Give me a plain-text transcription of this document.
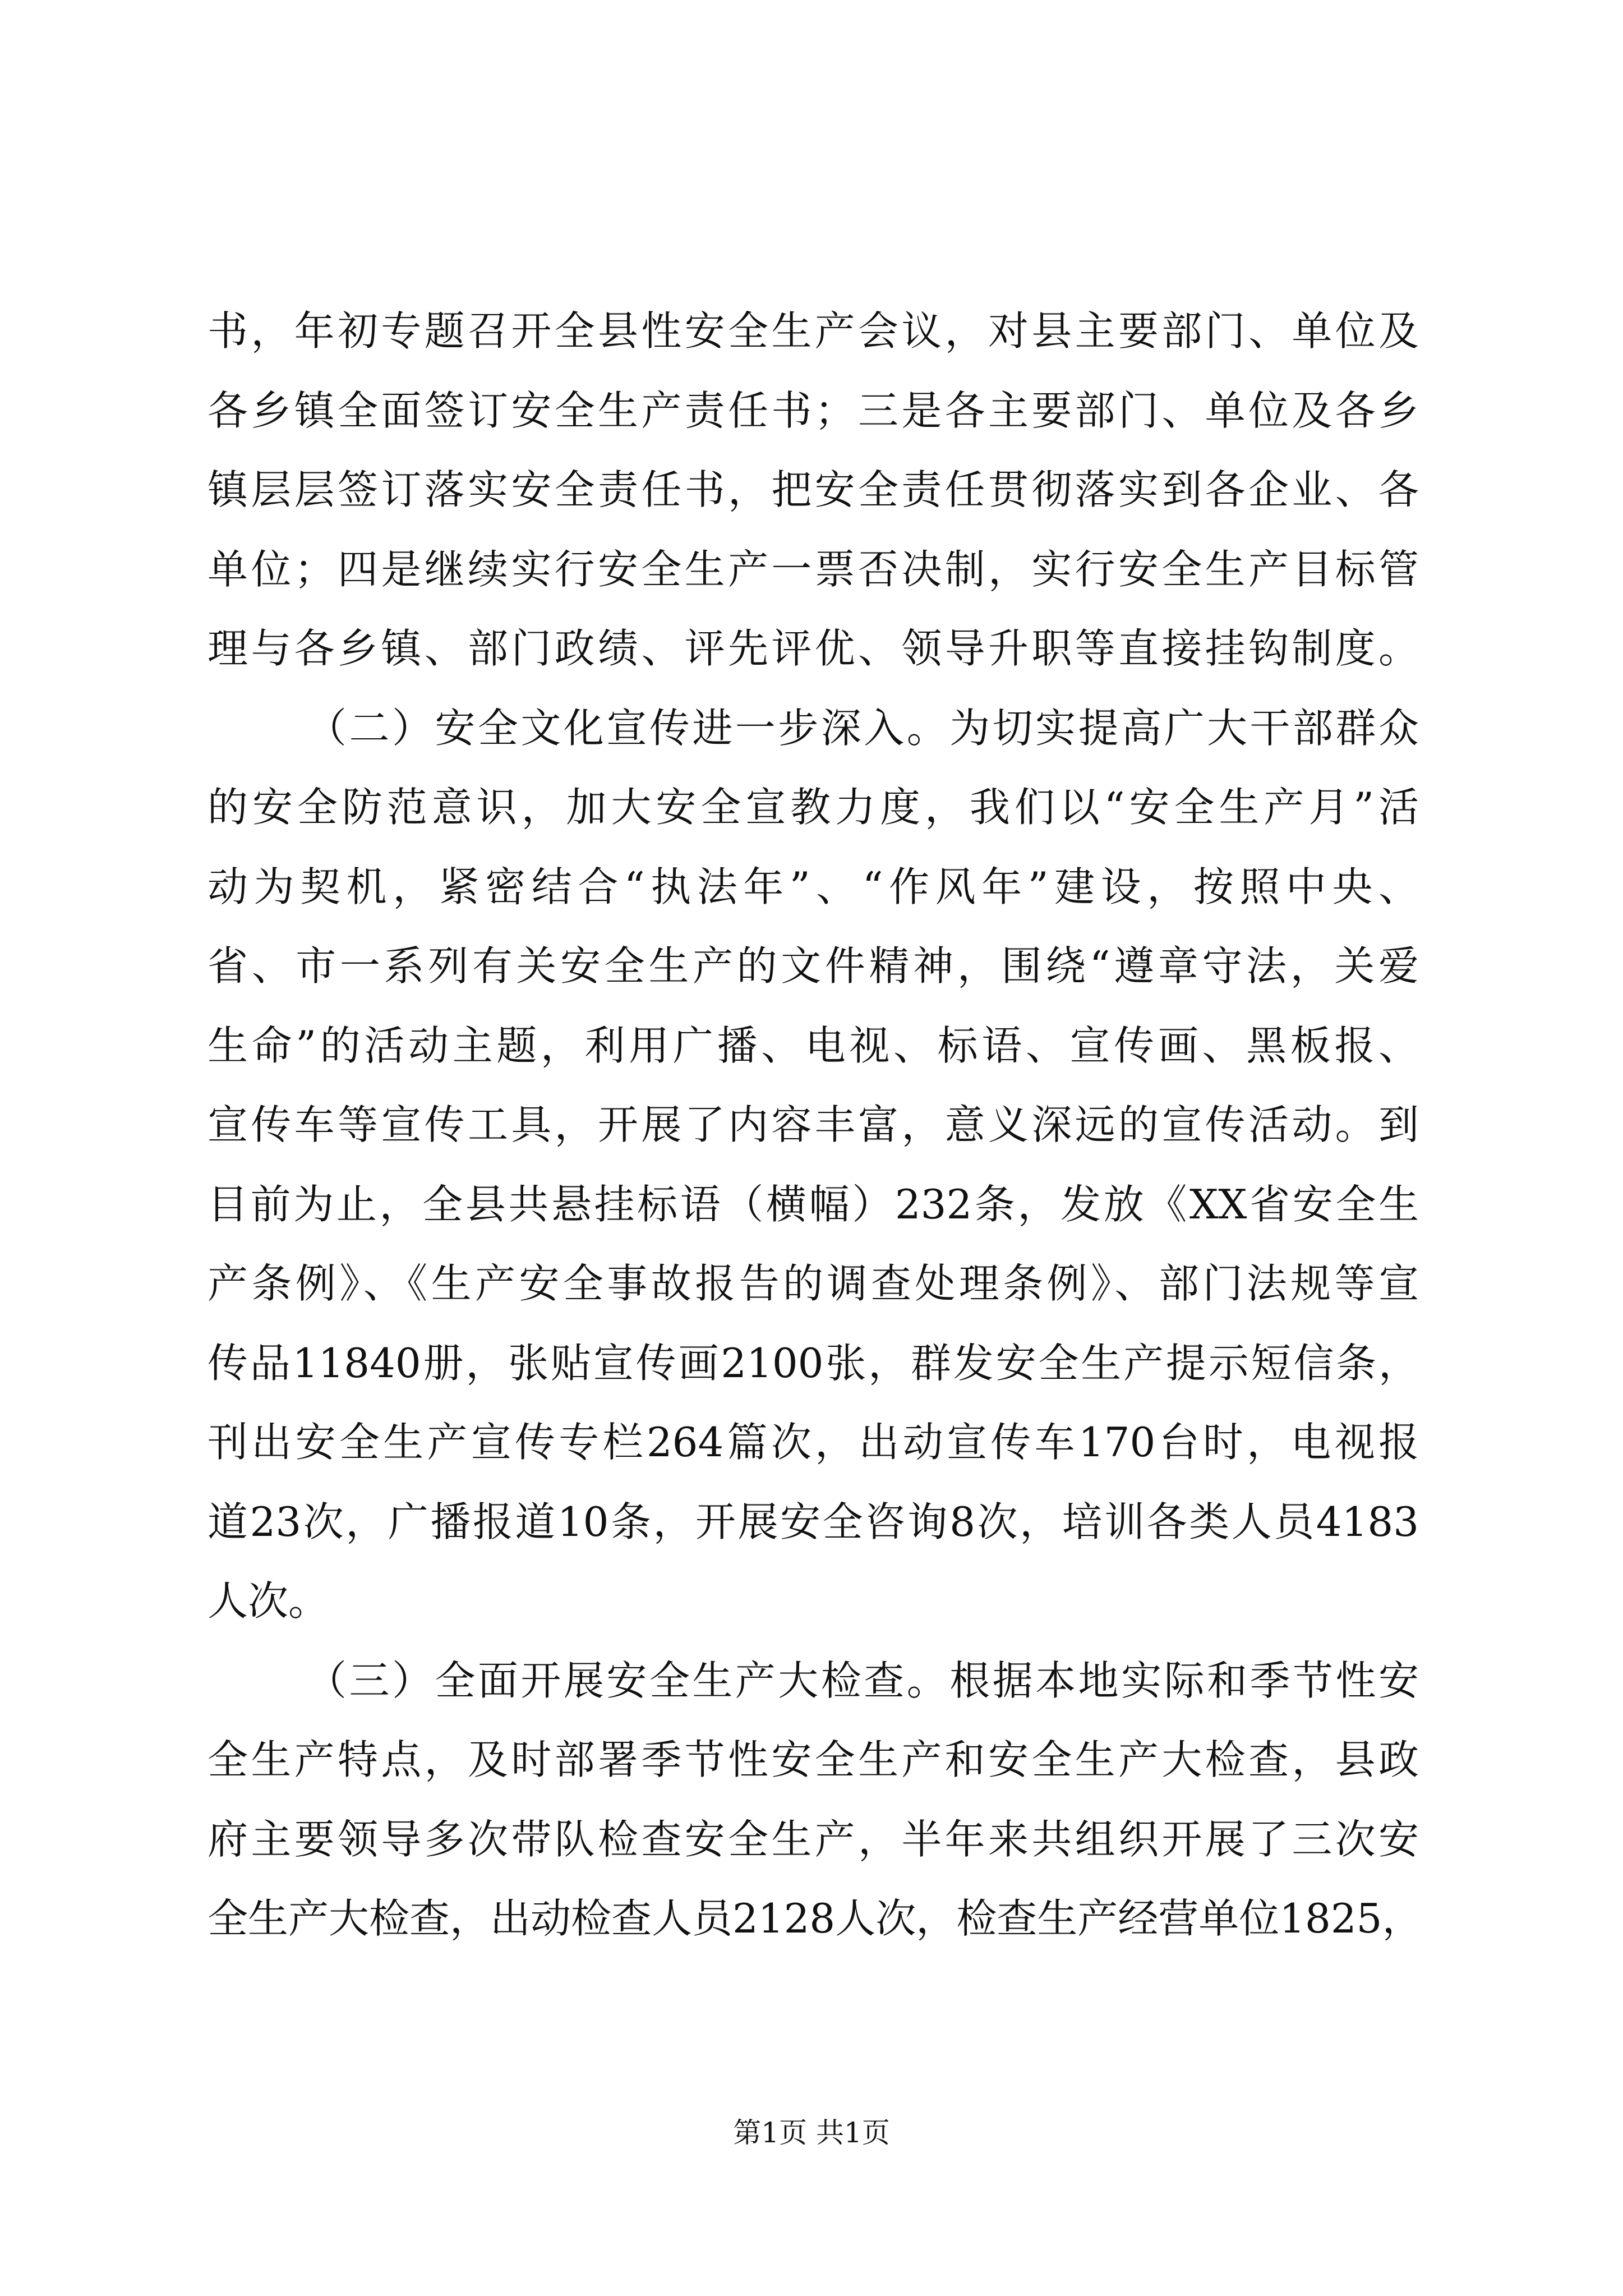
书，年初专题召开全县性安全生产会议，对县主要部门、单位及
各乡镇全面签订安全生产责任书；三是各主要部门、单位及各乡
镇层层签订落实安全责任书，把安全责任贯彻落实到各企业、各
单位；四是继续实行安全生产一票否决制，实行安全生产目标管
理与各乡镇、部门政绩、评先评优、领导升职等直接挂钩制度。
（二）安全文化宣传进一步深入。为切实提高广大干部群众
的安全防范意识，加大安全宣教力度，我们以“安全生产月”活
动为契机，紧密结合“执法年”、“作风年”建设，按照中央、
省、市一系列有关安全生产的文件精神，围绕“遵章守法，关爱
生命”的活动主题，利用广播、电视、标语、宣传画、黑板报、
宣传车等宣传工具，开展了内容丰富，意义深远的宣传活动。到
目前为止，全县共悬挂标语（横幅）232条，发放《XX省安全生
产条例》、《生产安全事故报告的调查处理条例》、部门法规等宣
传品11840册，张贴宣传画2100张，群发安全生产提示短信条，
刊出安全生产宣传专栏264篇次，出动宣传车170台时，电视报
道23次，广播报道10条，开展安全咨询8次，培训各类人员4183
人次。
（三）全面开展安全生产大检查。根据本地实际和季节性安
全生产特点，及时部署季节性安全生产和安全生产大检查，县政
府主要领导多次带队检查安全生产，半年来共组织开展了三次安
全生产大检查，出动检查人员2128人次，检查生产经营单位1825，
第1页 共1页
